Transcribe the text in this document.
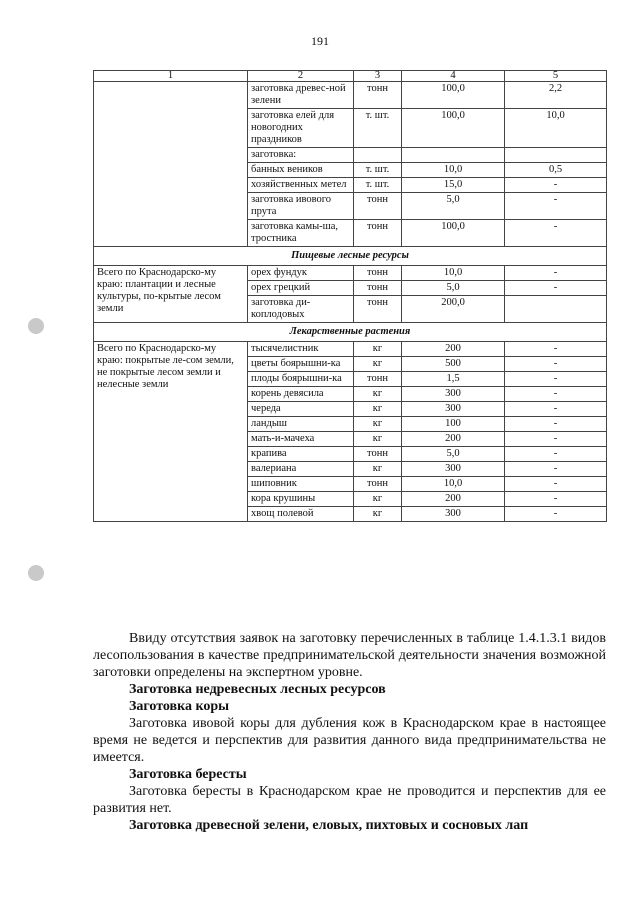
191
1	2	3	4	5
	заготовка древес-ной зелени	тонн	100,0	2,2
	заготовка елей для новогодних праздников	т. шт.	100,0	10,0
	заготовка:			
	банных веников	т. шт.	10,0	0,5
	хозяйственных метел	т. шт.	15,0	-
	заготовка ивового прута	тонн	5,0	-
	заготовка камы-ша, тростника	тонн	100,0	-
Пищевые лесные ресурсы				
Всего по Краснодарско-му краю: плантации и лесные культуры, по-крытые лесом земли	орех фундук	тонн	10,0	-
	орех грецкий	тонн	5,0	-
	заготовка ди-коплодовых	тонн	200,0	
Лекарственные растения				
Всего по Краснодарско-му краю: покрытые ле-сом земли, не покрытые лесом земли и нелесные земли	тысячелистник	кг	200	-
	цветы боярышни-ка	кг	500	-
	плоды боярышни-ка	тонн	1,5	-
	корень девясила	кг	300	-
	череда	кг	300	-
	ландыш	кг	100	-
	мать-и-мачеха	кг	200	-
	крапива	тонн	5,0	-
	валериана	кг	300	-
	шиповник	тонн	10,0	-
	кора крушины	кг	200	-
	хвощ полевой	кг	300	-

Ввиду отсутствия заявок на заготовку перечисленных в таблице 1.4.1.3.1 видов лесопользования в качестве предпринимательской деятельности значения возможной заготовки определены на экспертном уровне.

Заготовка недревесных лесных ресурсов

Заготовка коры

Заготовка ивовой коры для дубления кож в Краснодарском крае в настоящее время не ведется и перспектив для развития данного вида предпринимательства не имеется.

Заготовка бересты

Заготовка бересты в Краснодарском крае не проводится и перспектив для ее развития нет.

Заготовка древесной зелени, еловых, пихтовых и сосновых лап
